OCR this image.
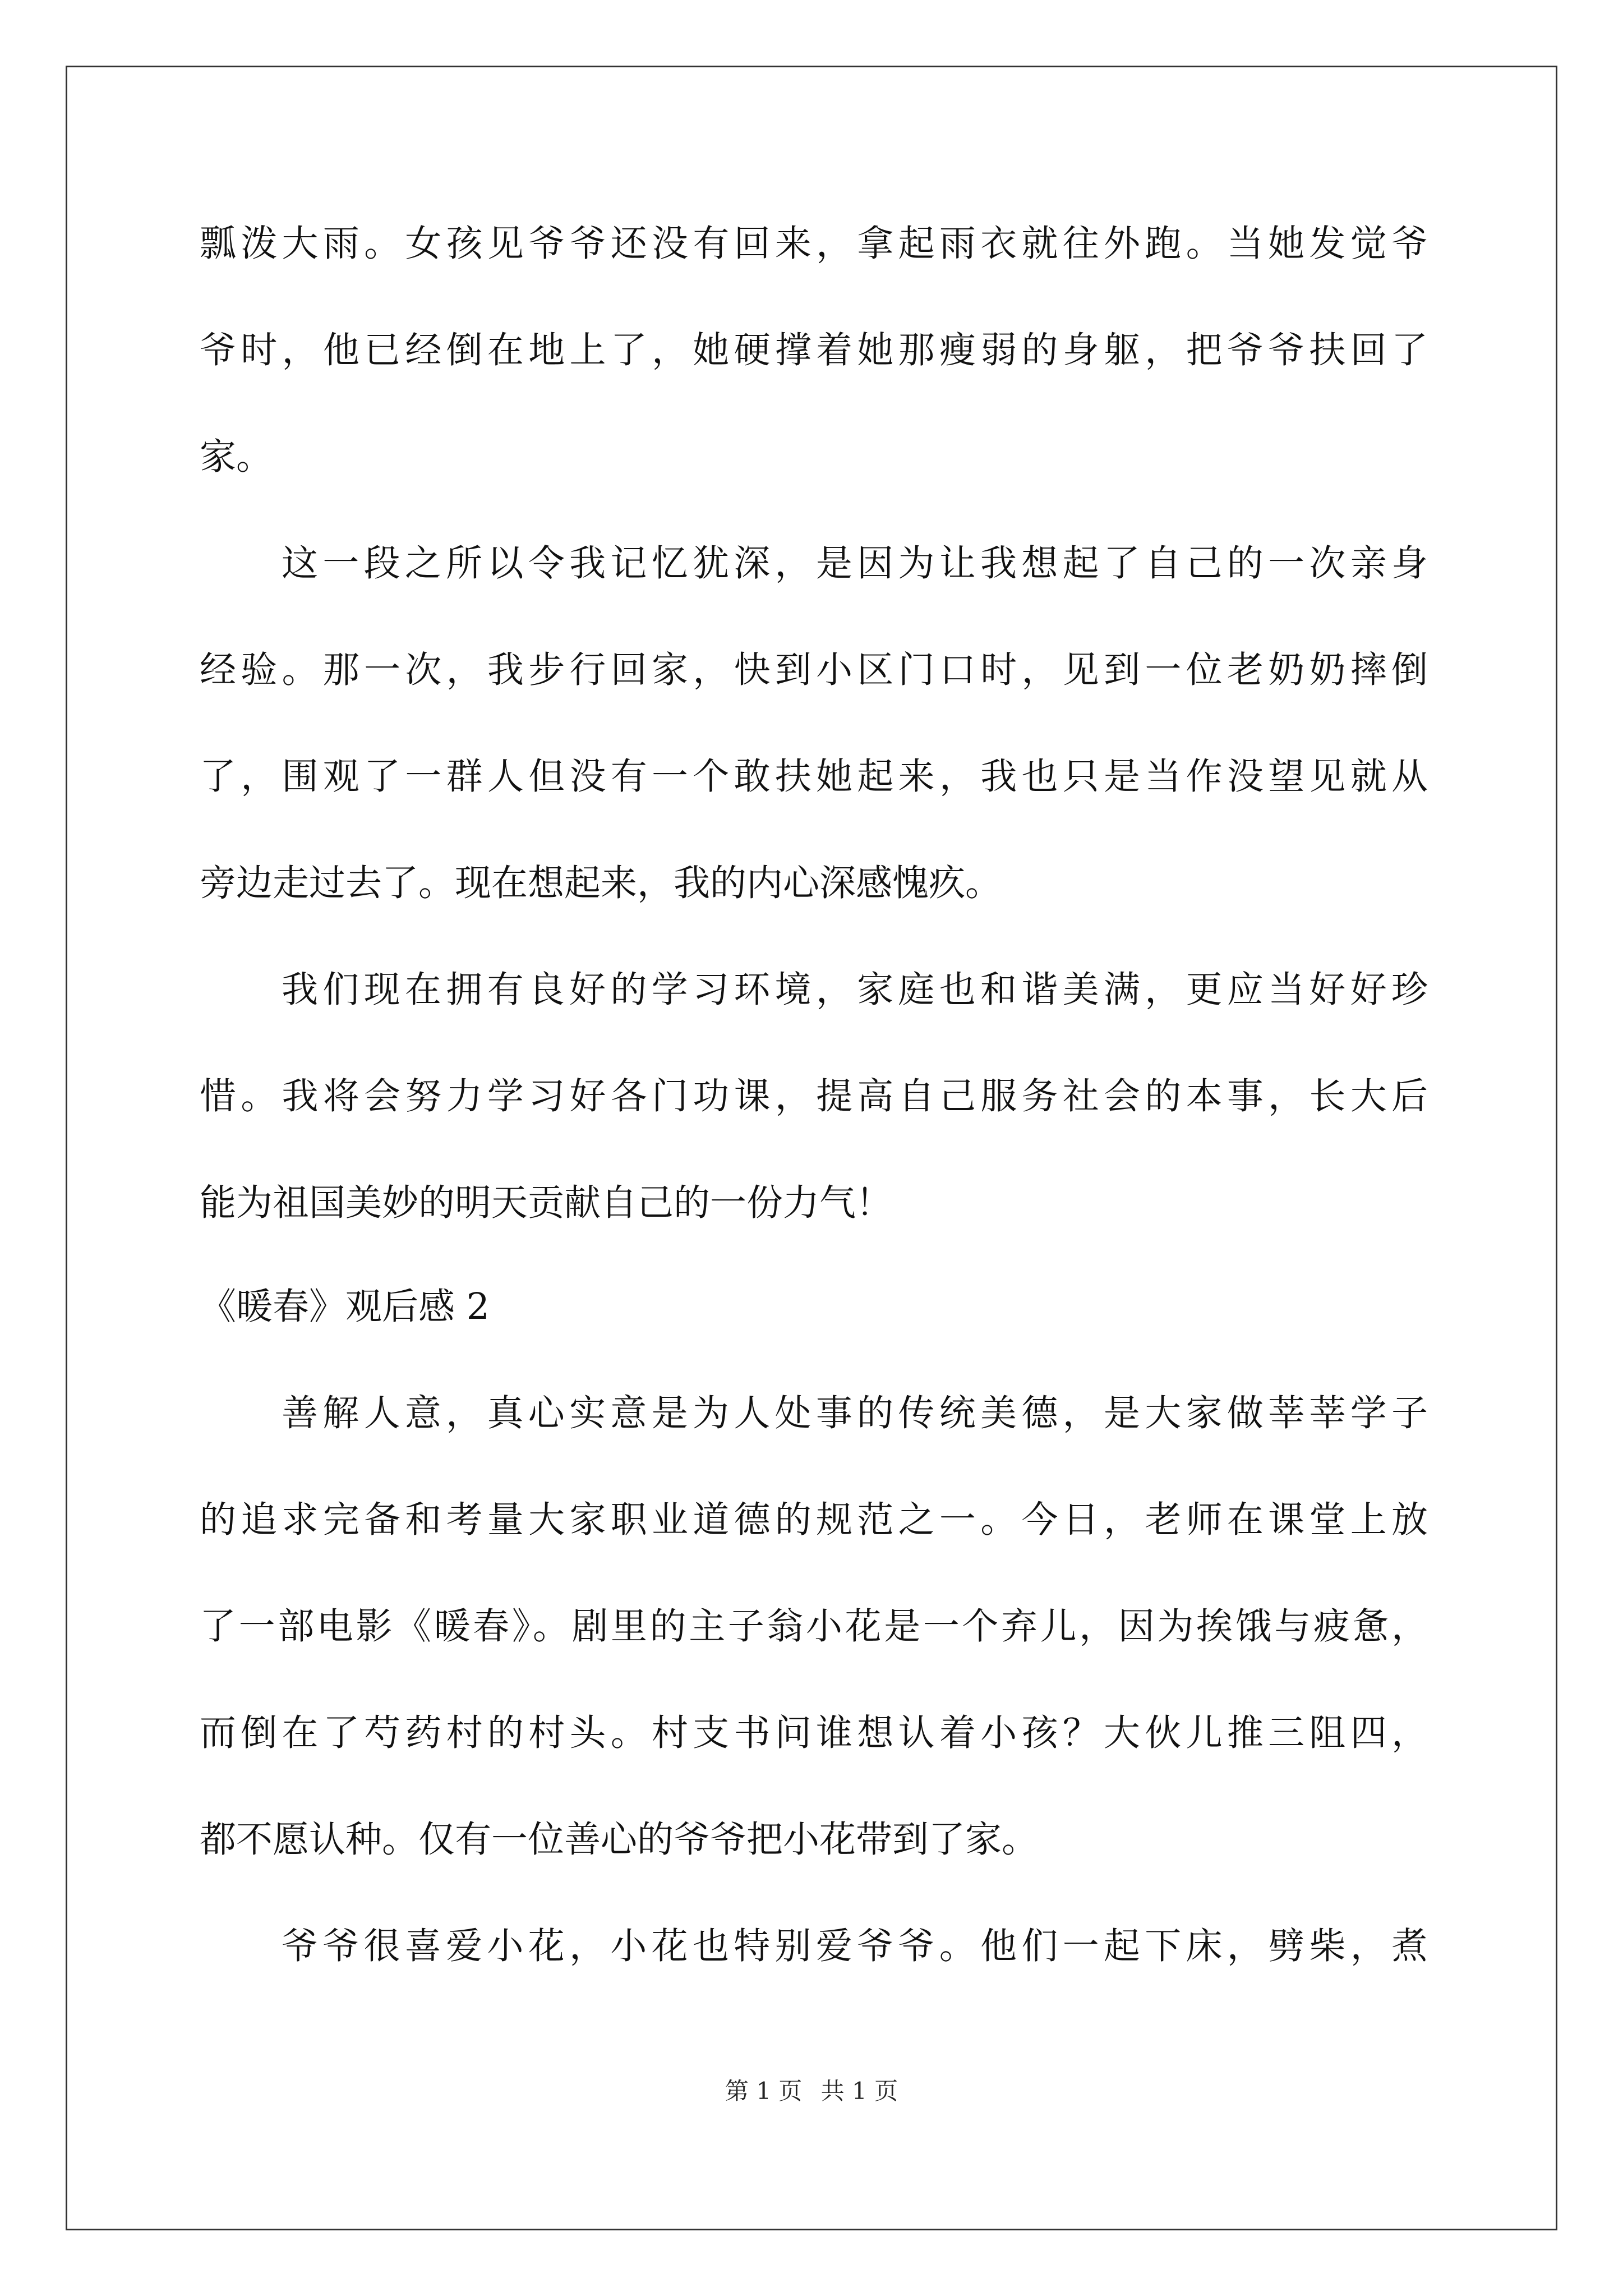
瓢泼大雨。女孩见爷爷还没有回来，拿起雨衣就往外跑。当她发觉爷
爷时，他已经倒在地上了，她硬撑着她那瘦弱的身躯，把爷爷扶回了
家。
这一段之所以令我记忆犹深，是因为让我想起了自己的一次亲身
经验。那一次，我步行回家，快到小区门口时，见到一位老奶奶摔倒
了，围观了一群人但没有一个敢扶她起来，我也只是当作没望见就从
旁边走过去了。现在想起来，我的内心深感愧疚。
我们现在拥有良好的学习环境，家庭也和谐美满，更应当好好珍
惜。我将会努力学习好各门功课，提高自己服务社会的本事，长大后
能为祖国美妙的明天贡献自己的一份力气！
《暖春》观后感 2
善解人意，真心实意是为人处事的传统美德，是大家做莘莘学子
的追求完备和考量大家职业道德的规范之一。今日，老师在课堂上放
了一部电影《暖春》。剧里的主子翁小花是一个弃儿，因为挨饿与疲惫，
而倒在了芍药村的村头。村支书问谁想认着小孩？大伙儿推三阻四，
都不愿认种。仅有一位善心的爷爷把小花带到了家。
爷爷很喜爱小花，小花也特别爱爷爷。他们一起下床，劈柴，煮
第 1 页 共 1 页
